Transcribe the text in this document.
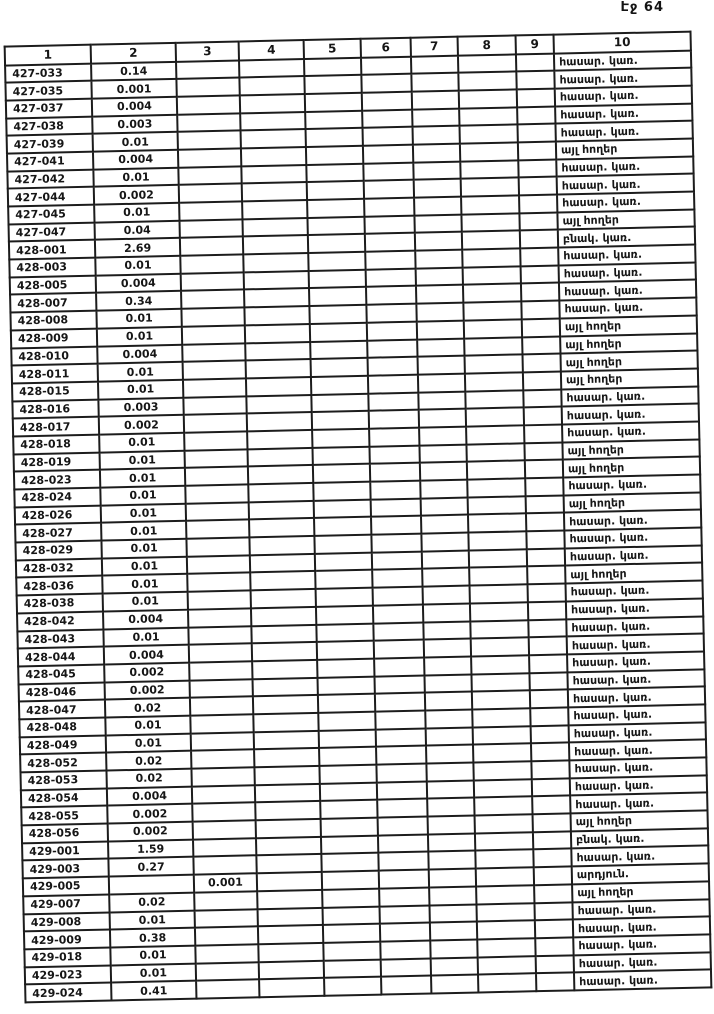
Էջ 64
1	2	3	4	5	6	7	8	9	10
427-033	0.14								հասար. կառ.
427-035	0.001								հասար. կառ.
427-037	0.004								հասար. կառ.
427-038	0.003								հասար. կառ.
427-039	0.01								հասար. կառ.
427-041	0.004								այլ հողեր
427-042	0.01								հասար. կառ.
427-044	0.002								հասար. կառ.
427-045	0.01								հասար. կառ.
427-047	0.04								այլ հողեր
428-001	2.69								բնակ. կառ.
428-003	0.01								հասար. կառ.
428-005	0.004								հասար. կառ.
428-007	0.34								հասար. կառ.
428-008	0.01								հասար. կառ.
428-009	0.01								այլ հողեր
428-010	0.004								այլ հողեր
428-011	0.01								այլ հողեր
428-015	0.01								այլ հողեր
428-016	0.003								հասար. կառ.
428-017	0.002								հասար. կառ.
428-018	0.01								հասար. կառ.
428-019	0.01								այլ հողեր
428-023	0.01								այլ հողեր
428-024	0.01								հասար. կառ.
428-026	0.01								այլ հողեր
428-027	0.01								հասար. կառ.
428-029	0.01								հասար. կառ.
428-032	0.01								հասար. կառ.
428-036	0.01								այլ հողեր
428-038	0.01								հասար. կառ.
428-042	0.004								հասար. կառ.
428-043	0.01								հասար. կառ.
428-044	0.004								հասար. կառ.
428-045	0.002								հասար. կառ.
428-046	0.002								հասար. կառ.
428-047	0.02								հասար. կառ.
428-048	0.01								հասար. կառ.
428-049	0.01								հասար. կառ.
428-052	0.02								հասար. կառ.
428-053	0.02								հասար. կառ.
428-054	0.004								հասար. կառ.
428-055	0.002								հասար. կառ.
428-056	0.002								այլ հողեր
429-001	1.59								բնակ. կառ.
429-003	0.27								հասար. կառ.
429-005		0.001							արդյուն.
429-007	0.02								այլ հողեր
429-008	0.01								հասար. կառ.
429-009	0.38								հասար. կառ.
429-018	0.01								հասար. կառ.
429-023	0.01								հասար. կառ.
429-024	0.41								հասար. կառ.
